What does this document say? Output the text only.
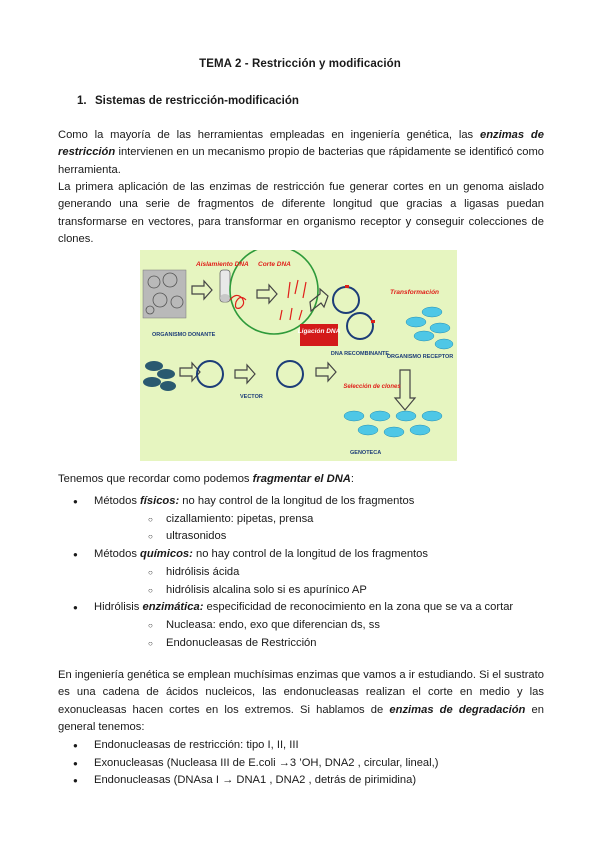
TEMA 2 - Restricción y modificación
1. Sistemas de restricción-modificación
Como la mayoría de las herramientas empleadas en ingeniería genética, las enzimas de restricción intervienen en un mecanismo propio de bacterias que rápidamente se identificó como herramienta.
La primera aplicación de las enzimas de restricción fue generar cortes en un genoma aislado generando una serie de fragmentos de diferente longitud que gracias a ligasas puedan transformarse en vectores, para transformar en organismo receptor y conseguir colecciones de clones.
Aislamiento DNA Corte DNA
Transformación
Ligación DNA
DNA RECOMBINANTE
ORGANISMO DONANTE
VECTOR
ORGANISMO RECEPTOR
Selección de clones
GENOTECA
Tenemos que recordar como podemos fragmentar el DNA:
● Métodos físicos: no hay control de la longitud de los fragmentos
○ cizallamiento: pipetas, prensa
○ ultrasonidos
● Métodos químicos: no hay control de la longitud de los fragmentos
○ hidrólisis ácida
○ hidrólisis alcalina solo si es apurínico AP
● Hidrólisis enzimática: especificidad de reconocimiento en la zona que se va a cortar
○ Nucleasa: endo, exo que diferencian ds, ss
○ Endonucleasas de Restricción
En ingeniería genética se emplean muchísimas enzimas que vamos a ir estudiando. Si el sustrato es una cadena de ácidos nucleicos, las endonucleasas realizan el corte en medio y las exonucleasas hacen cortes en los extremos. Si hablamos de enzimas de degradación en general tenemos:
● Endonucleasas de restricción: tipo I, II, III
● Exonucleasas (Nucleasa III de E.coli →3 ’OH, DNA2 , circular, lineal,)
● Endonucleasas (DNAsa I → DNA1 , DNA2 , detrás de pirimidina)
